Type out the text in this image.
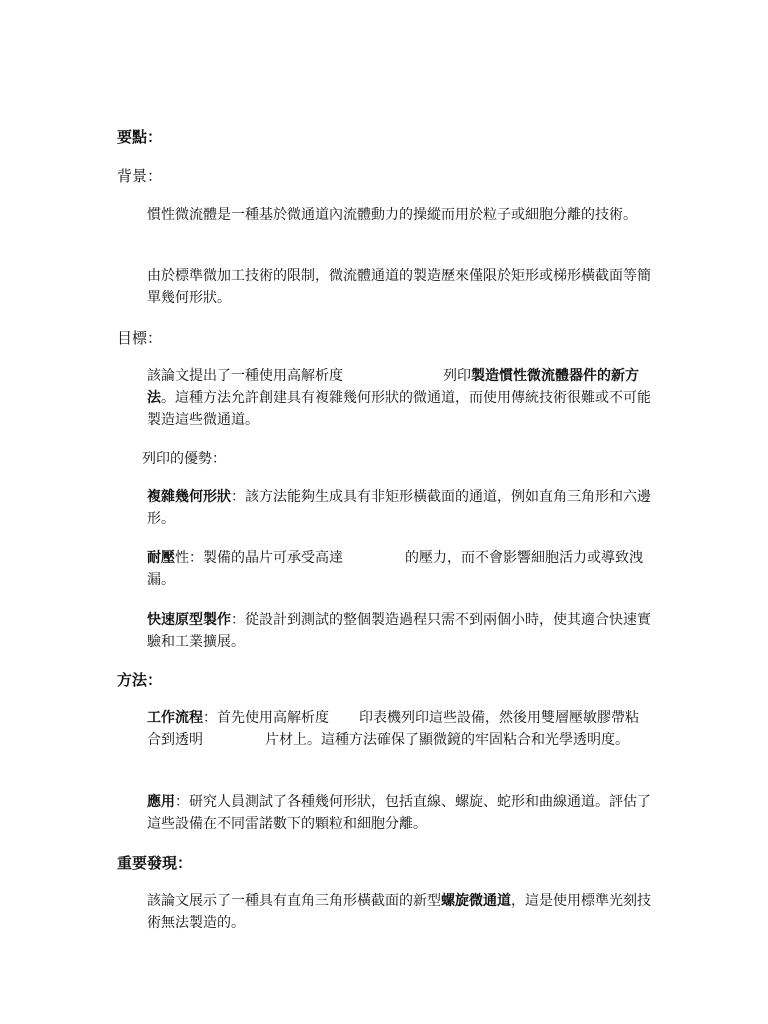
要點：
背景：
慣性微流體是一種基於微通道內流體動力的操縱而用於粒子或細胞分離的技術。
由於標準微加工技術的限制，微流體通道的製造歷來僅限於矩形或梯形橫截面等簡單幾何形狀。
目標：
該論文提出了一種使用高解析度	列印製造慣性微流體器件的新方法。這種方法允許創建具有複雜幾何形狀的微通道，而使用傳統技術很難或不可能製造這些微通道。
列印的優勢：
複雜幾何形狀：該方法能夠生成具有非矩形橫截面的通道，例如直角三角形和六邊形。
耐壓性：製備的晶片可承受高達	的壓力，而不會影響細胞活力或導致洩漏。
快速原型製作：從設計到測試的整個製造過程只需不到兩個小時，使其適合快速實驗和工業擴展。
方法：
工作流程：首先使用高解析度 印表機列印這些設備，然後用雙層壓敏膠帶粘合到透明	片材上。這種方法確保了顯微鏡的牢固粘合和光學透明度。
應用：研究人員測試了各種幾何形狀，包括直線、螺旋、蛇形和曲線通道。評估了這些設備在不同雷諾數下的顆粒和細胞分離。
重要發現：
該論文展示了一種具有直角三角形橫截面的新型螺旋微通道，這是使用標準光刻技術無法製造的。
